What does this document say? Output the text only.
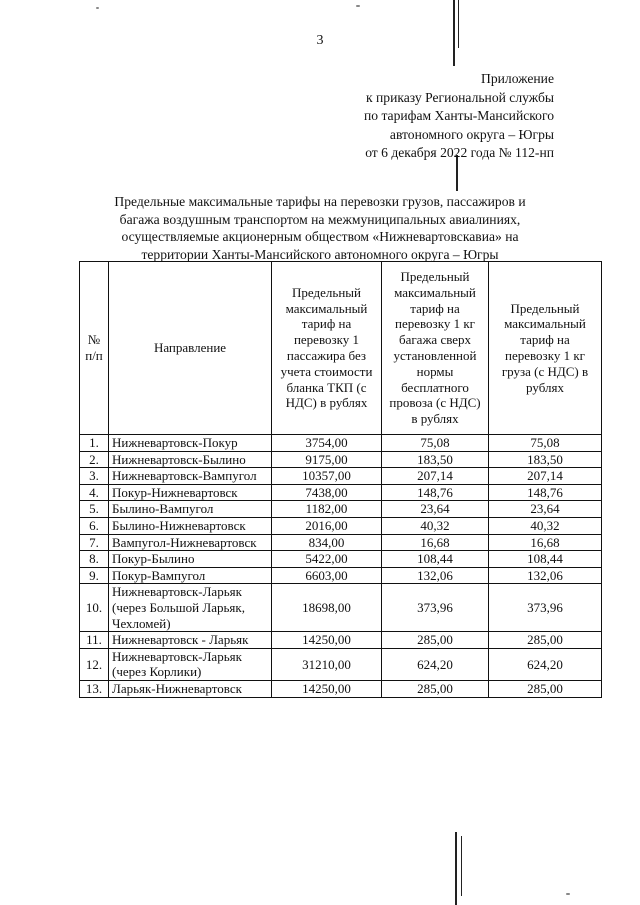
3
Приложение
к приказу Региональной службы
по тарифам Ханты-Мансийского
автономного округа – Югры
от 6 декабря 2022 года № 112-нп
Предельные максимальные тарифы на перевозки грузов, пассажиров и
багажа воздушным транспортом на межмуниципальных авиалиниях,
осуществляемые акционерным обществом «Нижневартовскавиа» на
территории Ханты-Мансийского автономного округа – Югры
№
п/п	Направление	Предельный максимальный тариф на перевозку 1 пассажира без учета стоимости бланка ТКП (с НДС) в рублях	Предельный максимальный тариф на перевозку 1 кг багажа сверх установленной нормы бесплатного провоза (с НДС) в рублях	Предельный максимальный тариф на перевозку 1 кг груза (с НДС) в рублях
1.	Нижневартовск-Покур	3754,00	75,08	75,08
2.	Нижневартовск-Былино	9175,00	183,50	183,50
3.	Нижневартовск-Вампугол	10357,00	207,14	207,14
4.	Покур-Нижневартовск	7438,00	148,76	148,76
5.	Былино-Вампугол	1182,00	23,64	23,64
6.	Былино-Нижневартовск	2016,00	40,32	40,32
7.	Вампугол-Нижневартовск	834,00	16,68	16,68
8.	Покур-Былино	5422,00	108,44	108,44
9.	Покур-Вампугол	6603,00	132,06	132,06
10.	Нижневартовск-Ларьяк (через Большой Ларьяк, Чехломей)	18698,00	373,96	373,96
11.	Нижневартовск - Ларьяк	14250,00	285,00	285,00
12.	Нижневартовск-Ларьяк (через Корлики)	31210,00	624,20	624,20
13.	Ларьяк-Нижневартовск	14250,00	285,00	285,00
